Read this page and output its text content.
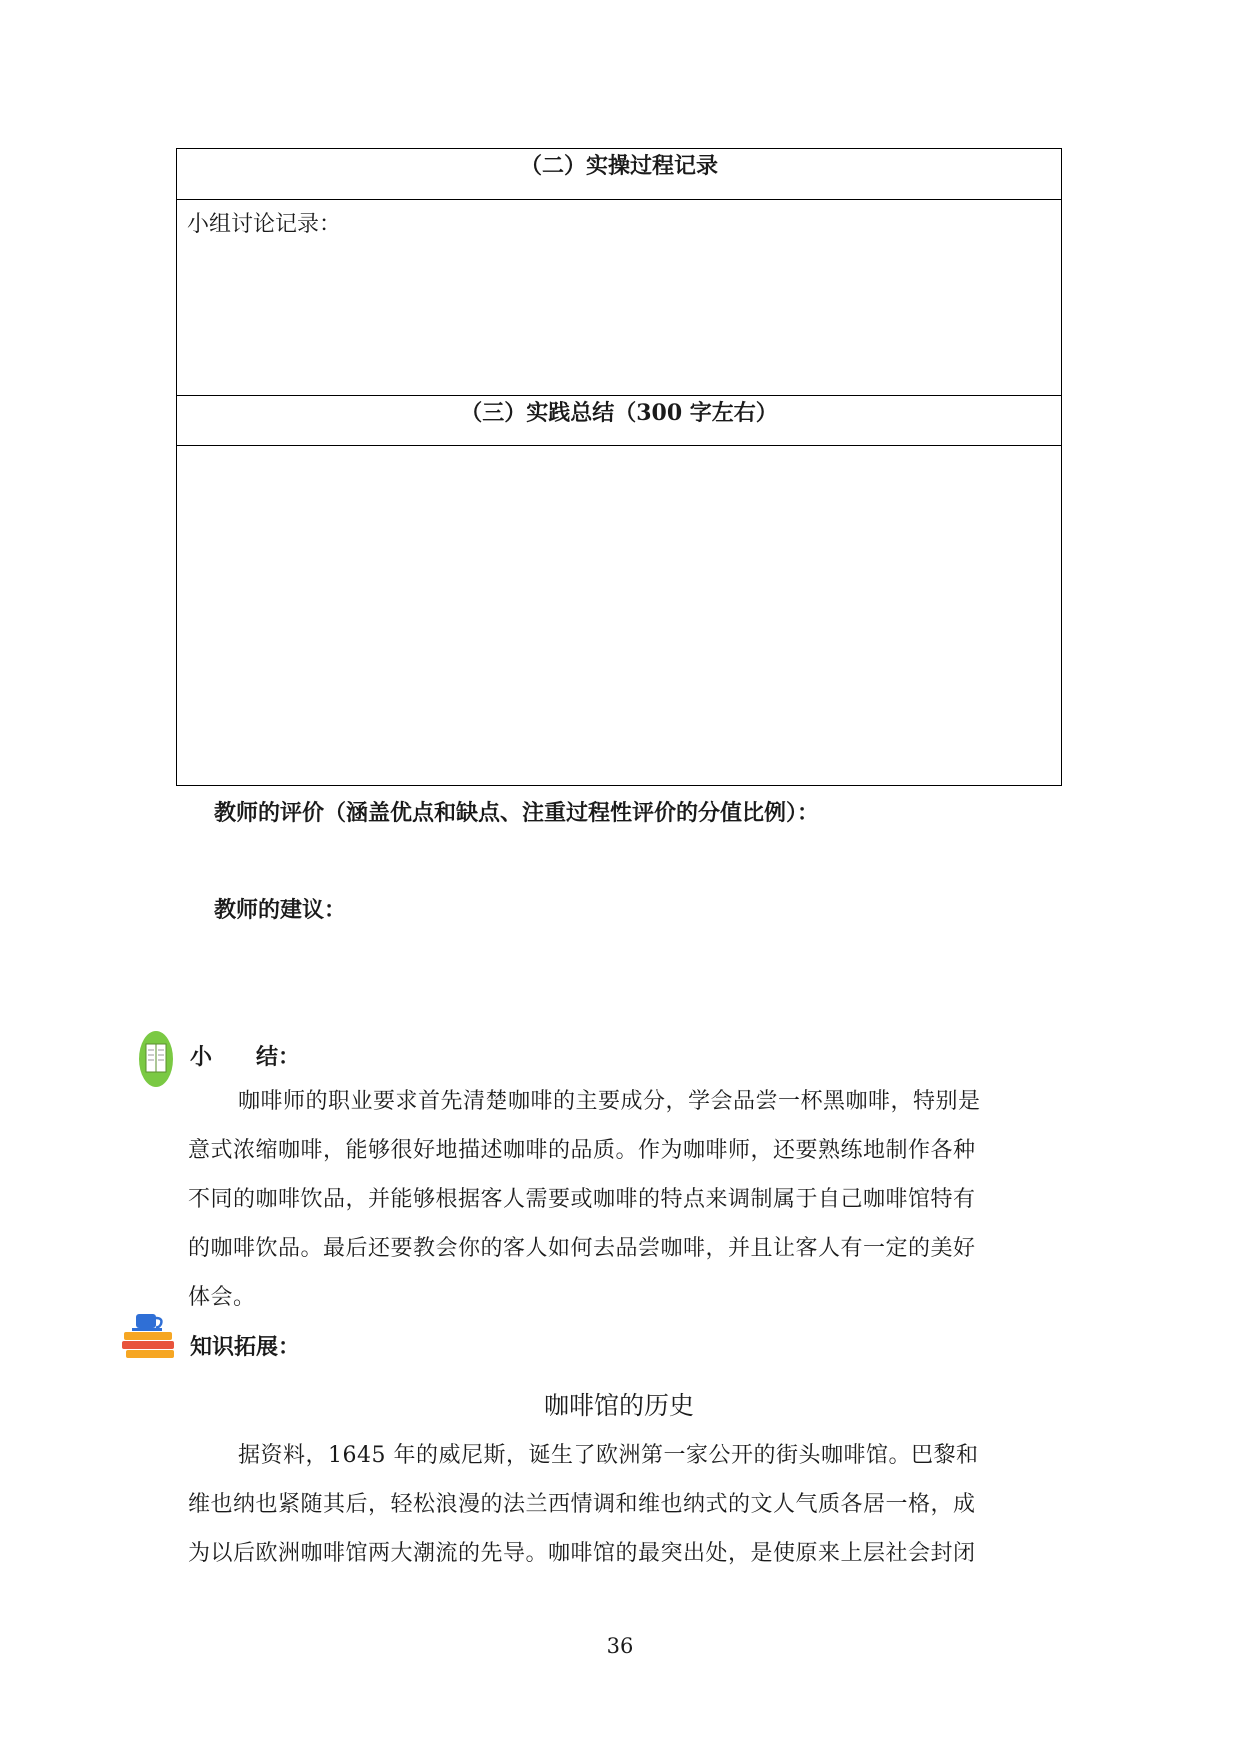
（二）实操过程记录
小组讨论记录：
（三）实践总结（300 字左右）
教师的评价（涵盖优点和缺点、注重过程性评价的分值比例）：
教师的建议：
小　　结：
咖啡师的职业要求首先清楚咖啡的主要成分，学会品尝一杯黑咖啡，特别是
意式浓缩咖啡，能够很好地描述咖啡的品质。作为咖啡师，还要熟练地制作各种
不同的咖啡饮品，并能够根据客人需要或咖啡的特点来调制属于自己咖啡馆特有
的咖啡饮品。最后还要教会你的客人如何去品尝咖啡，并且让客人有一定的美好
体会。
知识拓展：
咖啡馆的历史
据资料，1645 年的威尼斯，诞生了欧洲第一家公开的街头咖啡馆。巴黎和
维也纳也紧随其后，轻松浪漫的法兰西情调和维也纳式的文人气质各居一格，成
为以后欧洲咖啡馆两大潮流的先导。咖啡馆的最突出处，是使原来上层社会封闭
36
